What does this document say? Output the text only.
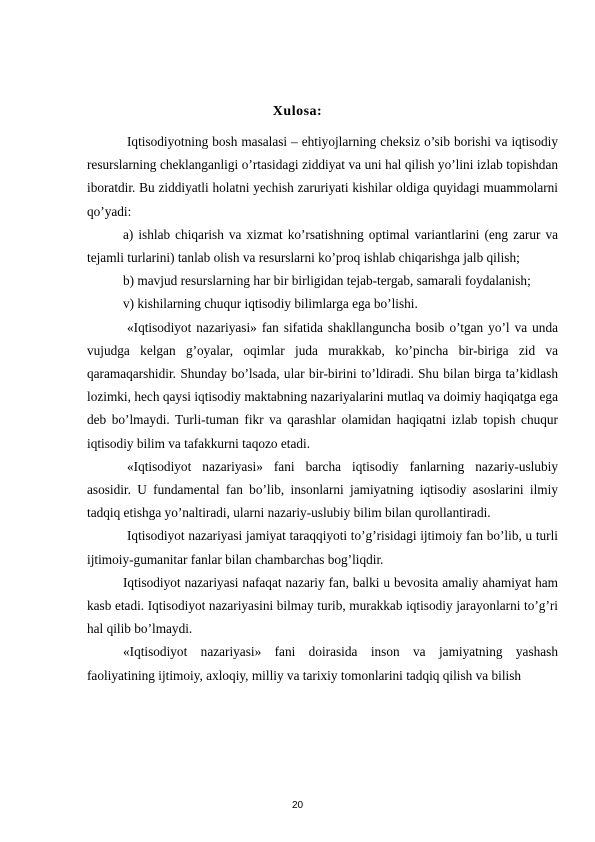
Xulosa:

Iqtisodiyotning bosh masalasi – ehtiyojlarning cheksiz o’sib borishi va iqtisodiy resurslarning cheklanganligi o’rtasidagi ziddiyat va uni hal qilish yo’lini izlab topishdan iboratdir. Bu ziddiyatli holatni yechish zaruriyati kishilar oldiga quyidagi muammolarni qo’yadi:

a) ishlab chiqarish va xizmat ko’rsatishning optimal variantlarini (eng zarur va tejamli turlarini) tanlab olish va resurslarni ko’proq ishlab chiqarishga jalb qilish;

b) mavjud resurslarning har bir birligidan tejab-tergab, samarali foydalanish;

v) kishilarning chuqur iqtisodiy bilimlarga ega bo’lishi.

«Iqtisodiyot nazariyasi» fan sifatida shakllanguncha bosib o’tgan yo’l va unda vujudga kelgan g’oyalar, oqimlar juda murakkab, ko’pincha bir-biriga zid va qaramaqarshidir. Shunday bo’lsada, ular bir-birini to’ldiradi. Shu bilan birga ta’kidlash lozimki, hech qaysi iqtisodiy maktabning nazariyalarini mutlaq va doimiy haqiqatga ega deb bo’lmaydi. Turli-tuman fikr va qarashlar olamidan haqiqatni izlab topish chuqur iqtisodiy bilim va tafakkurni taqozo etadi.

«Iqtisodiyot nazariyasi» fani barcha iqtisodiy fanlarning nazariy-uslubiy asosidir. U fundamental fan bo’lib, insonlarni jamiyatning iqtisodiy asoslarini ilmiy tadqiq etishga yo’naltiradi, ularni nazariy-uslubiy bilim bilan qurollantiradi.

Iqtisodiyot nazariyasi jamiyat taraqqiyoti to’g’risidagi ijtimoiy fan bo’lib, u turli ijtimoiy-gumanitar fanlar bilan chambarchas bog’liqdir.

Iqtisodiyot nazariyasi nafaqat nazariy fan, balki u bevosita amaliy ahamiyat ham kasb etadi. Iqtisodiyot nazariyasini bilmay turib, murakkab iqtisodiy jarayonlarni to’g’ri hal qilib bo’lmaydi.

«Iqtisodiyot nazariyasi» fani doirasida inson va jamiyatning yashash faoliyatining ijtimoiy, axloqiy, milliy va tarixiy tomonlarini tadqiq qilish va bilish

20
